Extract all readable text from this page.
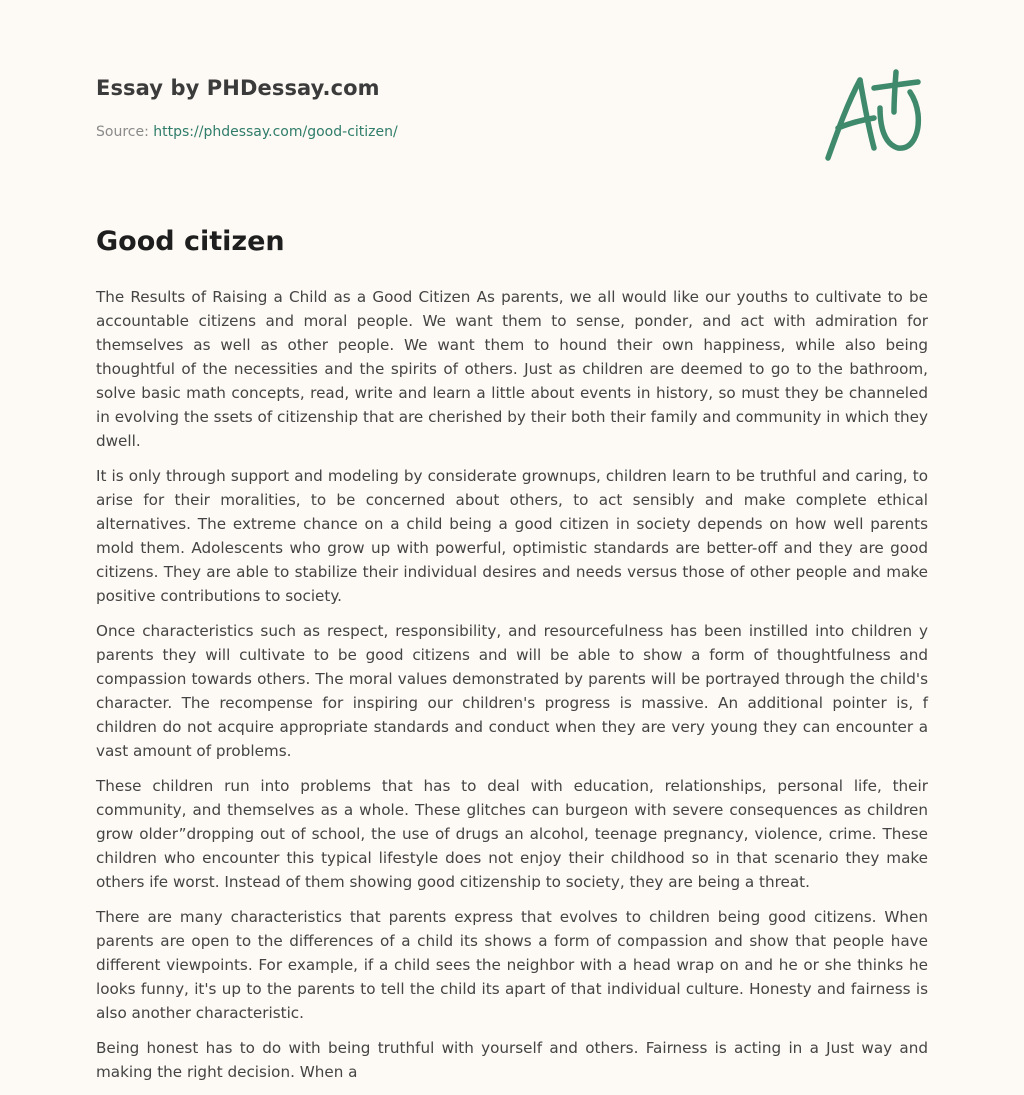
Essay by PHDessay.com
Source: https://phdessay.com/good-citizen/
Good citizen

The Results of Raising a Child as a Good Citizen As parents, we all would like our youths to cultivate to be accountable citizens and moral people. We want them to sense, ponder, and act with admiration for themselves as well as other people. We want them to hound their own happiness, while also being thoughtful of the necessities and the spirits of others. Just as children are deemed to go to the bathroom, solve basic math concepts, read, write and learn a little about events in history, so must they be channeled in evolving the ssets of citizenship that are cherished by their both their family and community in which they dwell.

It is only through support and modeling by considerate grownups, children learn to be truthful and caring, to arise for their moralities, to be concerned about others, to act sensibly and make complete ethical alternatives. The extreme chance on a child being a good citizen in society depends on how well parents mold them. Adolescents who grow up with powerful, optimistic standards are better-off and they are good citizens. They are able to stabilize their individual desires and needs versus those of other people and make positive contributions to society.

Once characteristics such as respect, responsibility, and resourcefulness has been instilled into children y parents they will cultivate to be good citizens and will be able to show a form of thoughtfulness and compassion towards others. The moral values demonstrated by parents will be portrayed through the child's character. The recompense for inspiring our children's progress is massive. An additional pointer is, f children do not acquire appropriate standards and conduct when they are very young they can encounter a vast amount of problems.

These children run into problems that has to deal with education, relationships, personal life, their community, and themselves as a whole. These glitches can burgeon with severe consequences as children grow older”dropping out of school, the use of drugs an alcohol, teenage pregnancy, violence, crime. These children who encounter this typical lifestyle does not enjoy their childhood so in that scenario they make others ife worst. Instead of them showing good citizenship to society, they are being a threat.

There are many characteristics that parents express that evolves to children being good citizens. When parents are open to the differences of a child its shows a form of compassion and show that people have different viewpoints. For example, if a child sees the neighbor with a head wrap on and he or she thinks he looks funny, it's up to the parents to tell the child its apart of that individual culture. Honesty and fairness is also another characteristic.

Being honest has to do with being truthful with yourself and others. Fairness is acting in a Just way and making the right decision. When a
